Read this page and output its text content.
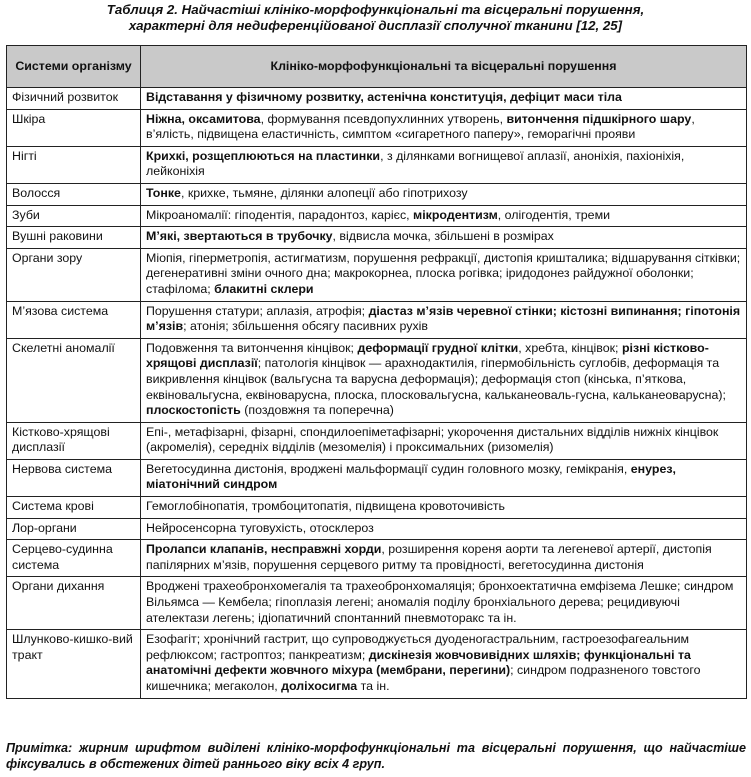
Таблиця 2. Найчастіші клініко-морфофункціональні та вісцеральні порушення,
характерні для недиференційованої дисплазії сполучної тканини [12, 25]
Системи організму	Клініко-морфофункціональні та вісцеральні порушення
Фізичний розвиток	Відставання у фізичному розвитку, астенічна конституція, дефіцит маси тіла
Шкіра	Ніжна, оксамитова, формування псевдопухлинних утворень, витончення підшкірного шару, в’ялість, підвищена еластичність, симптом «сигаретного паперу», геморагічні прояви
Нігті	Крихкі, розщеплюються на пластинки, з ділянками вогнищевої аплазії, аноніхія, пахіоніхія, лейконіхія
Волосся	Тонке, крихке, тьмяне, ділянки алопеції або гіпотрихозу
Зуби	Мікроаномалії: гіподентія, парадонтоз, карієс, мікродентизм, олігодентія, треми
Вушні раковини	М’які, звертаються в трубочку, відвисла мочка, збільшені в розмірах
Органи зору	Міопія, гіперметропія, астигматизм, порушення рефракції, дистопія кришталика; відшарування сітківки; дегенеративні зміни очного дна; макрокорнеа, плоска рогівка; іридодонез райдужної оболонки; стафілома; блакитні склери
М’язова система	Порушення статури; аплазія, атрофія; діастаз м’язів черевної стінки; кістозні випинання; гіпотонія м’язів; атонія; збільшення обсягу пасивних рухів
Скелетні аномалії	Подовження та витончення кінцівок; деформації грудної клітки, хребта, кінцівок; різні кістково-хрящові дисплазії; патологія кінцівок — арахнодактилія, гіпермобільність суглобів, деформація та викривлення кінцівок (вальгусна та варусна деформація); деформація стоп (кінська, п’яткова, еквіновальгусна, еквіноварусна, плоска, плосковальгусна, кальканеоваль-гусна, кальканеоварусна); плоскостопість (поздовжня та поперечна)
Кістково-хрящові дисплазії	Епі-, метафізарні, фізарні, спондилоепіметафізарні; укорочення дистальних відділів нижніх кінцівок (акромелія), середніх відділів (мезомелія) і проксимальних (ризомелія)
Нервова система	Вегетосудинна дистонія, вроджені мальформації судин головного мозку, гемікранія, енурез, міатонічний синдром
Система крові	Гемоглобінопатія, тромбоцитопатія, підвищена кровоточивість
Лор-органи	Нейросенсорна туговухість, отосклероз
Серцево-судинна система	Пролапси клапанів, несправжні хорди, розширення кореня аорти та легеневої артерії, дистопія папілярних м’язів, порушення серцевого ритму та провідності, вегетосудинна дистонія
Органи дихання	Вроджені трахеобронхомегалія та трахеобронхомаляція; бронхоектатична емфізема Лешке; синдром Вільямса — Кембела; гіпоплазія легені; аномалія поділу бронхіального дерева; рецидивуючі ателектази легень; ідіопатичний спонтанний пневмоторакс та ін.
Шлунково-кишко-вий тракт	Езофагіт; хронічний гастрит, що супроводжується дуоденогастральним, гастроезофагеальним рефлюксом; гастроптоз; панкреатизм; дискінезія жовчовивідних шляхів; функціональні та анатомічні дефекти жовчного міхура (мембрани, перегини); синдром подразненого товстого кишечника; мегаколон, доліхосигма та ін.
Примітка: жирним шрифтом виділені клініко-морфофункціональні та вісцеральні порушення, що найчастіше фіксувались в обстежених дітей раннього віку всіх 4 груп.
